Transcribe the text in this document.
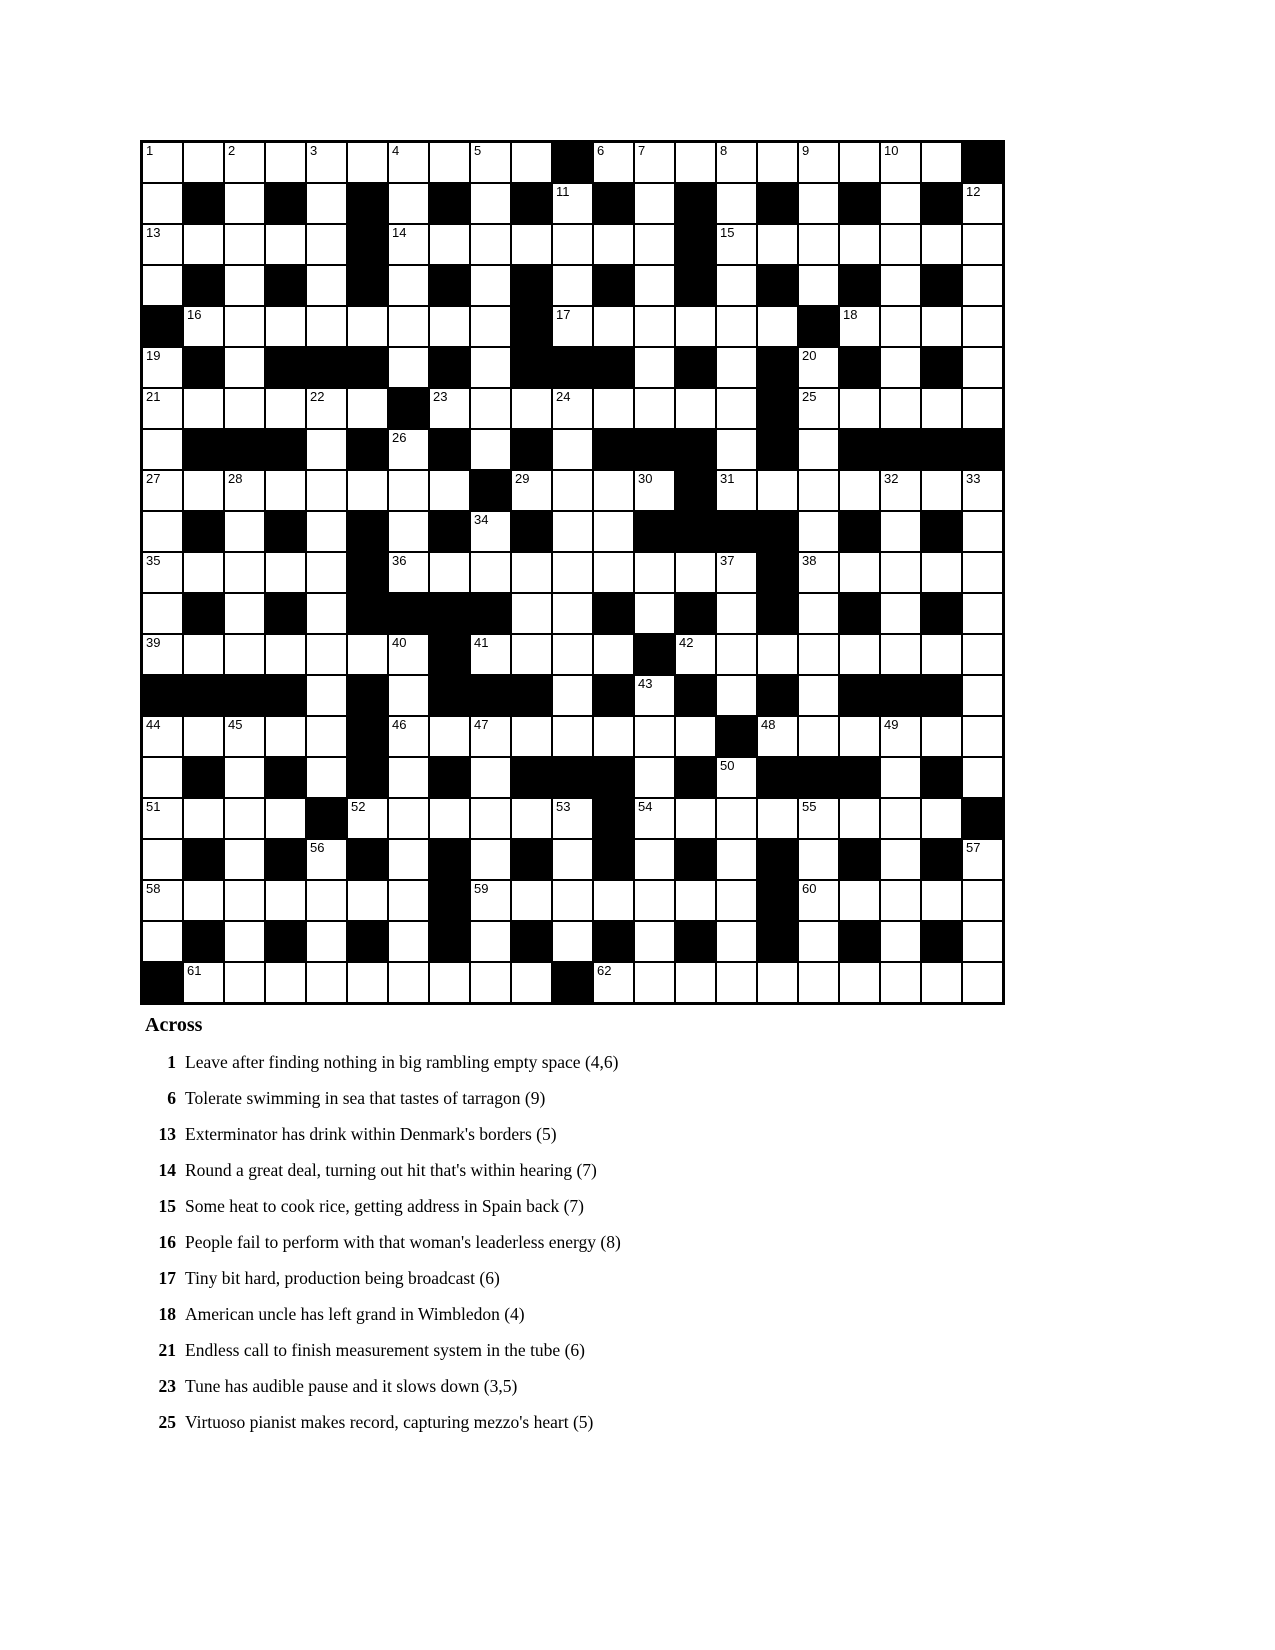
1	2	3	4	5	6	7	8	9	10
11	12
13	14	15
16	17	18
19	20
21	22	23	24	25
26
27	28	29	30	31	32	33
34
35	36	37	38
39	40	41	42
43
44	45	46	47	48	49
50
51	52	53	54	55
56	57
58	59	60
61	62
Across
1 Leave after finding nothing in big rambling empty space (4,6)
6 Tolerate swimming in sea that tastes of tarragon (9)
13 Exterminator has drink within Denmark's borders (5)
14 Round a great deal, turning out hit that's within hearing (7)
15 Some heat to cook rice, getting address in Spain back (7)
16 People fail to perform with that woman's leaderless energy (8)
17 Tiny bit hard, production being broadcast (6)
18 American uncle has left grand in Wimbledon (4)
21 Endless call to finish measurement system in the tube (6)
23 Tune has audible pause and it slows down (3,5)
25 Virtuoso pianist makes record, capturing mezzo's heart (5)
